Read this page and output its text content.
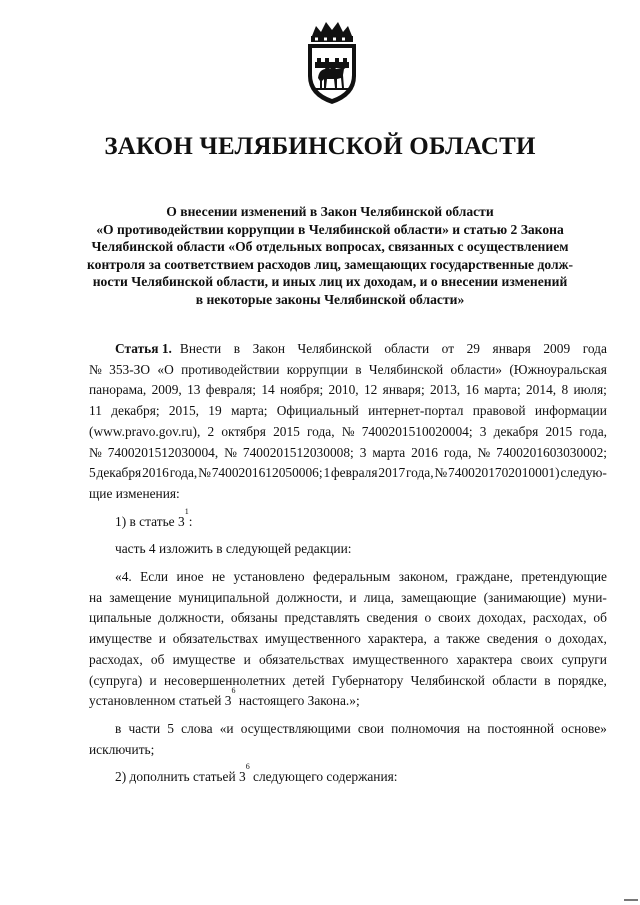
ЗАКОН ЧЕЛЯБИНСКОЙ ОБЛАСТИ
О внесении изменений в Закон Челябинской области
«О противодействии коррупции в Челябинской области» и статью 2 Закона
Челябинской области «Об отдельных вопросах, связанных с осуществлением
контроля за соответствием расходов лиц, замещающих государственные долж-
ности Челябинской области, и иных лиц их доходам, и о внесении изменений
в некоторые законы Челябинской области»
Статья 1. Внести в Закон Челябинской области от 29 января 2009 года
№ 353-ЗО «О противодействии коррупции в Челябинской области» (Южноуральская
панорама, 2009, 13 февраля; 14 ноября; 2010, 12 января; 2013, 16 марта; 2014, 8 июля;
11 декабря; 2015, 19 марта; Официальный интернет-портал правовой информации
(www.pravo.gov.ru), 2 октября 2015 года, № 7400201510020004; 3 декабря 2015 года,
№ 7400201512030004, № 7400201512030008; 3 марта 2016 года, № 7400201603030002;
5 декабря 2016 года, № 7400201612050006; 1 февраля 2017 года, № 7400201702010001) следую-
щие изменения:
1) в статье 3
1
:
часть 4 изложить в следующей редакции:
«4. Если иное не установлено федеральным законом, граждане, претендующие
на замещение муниципальной должности, и лица, замещающие (занимающие) муни-
ципальные должности, обязаны представлять сведения о своих доходах, расходах, об
имуществе и обязательствах имущественного характера, а также сведения о доходах,
расходах, об имуществе и обязательствах имущественного характера своих супруги
(супруга) и несовершеннолетних детей Губернатору Челябинской области в порядке,
установленном статьей 3
6
настоящего Закона.»;
в части 5 слова «и осуществляющими свои полномочия на постоянной основе»
исключить;
2) дополнить статьей 3
6
следующего содержания:
